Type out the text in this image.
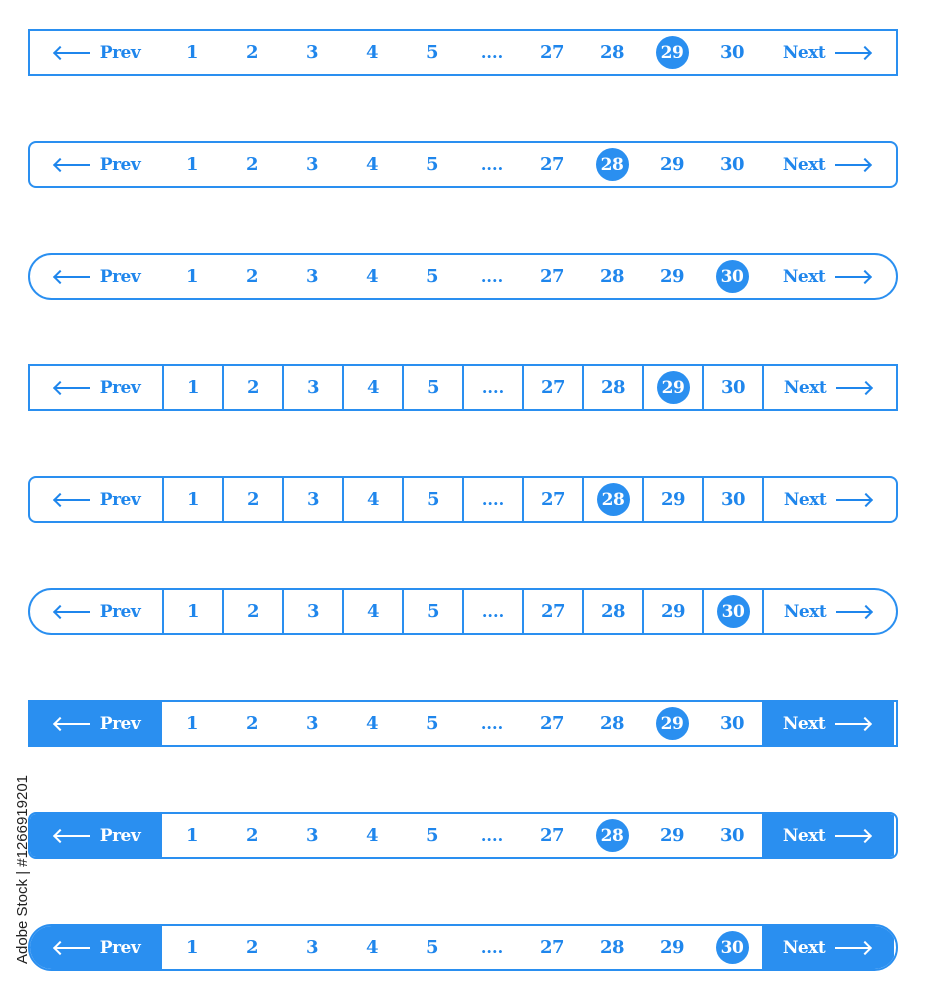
Prev	1	2	3	4	5	....	27	28	29	30	Next
Prev	1	2	3	4	5	....	27	28	29	30	Next
Prev	1	2	3	4	5	....	27	28	29	30	Next
Prev	1	2	3	4	5	....	27	28	29	30	Next
Prev	1	2	3	4	5	....	27	28	29	30	Next
Prev	1	2	3	4	5	....	27	28	29	30	Next
Prev	1	2	3	4	5	....	27	28	29	30	Next
Prev	1	2	3	4	5	....	27	28	29	30	Next
Prev	1	2	3	4	5	....	27	28	29	30	Next
Adobe Stock | #1266919201
